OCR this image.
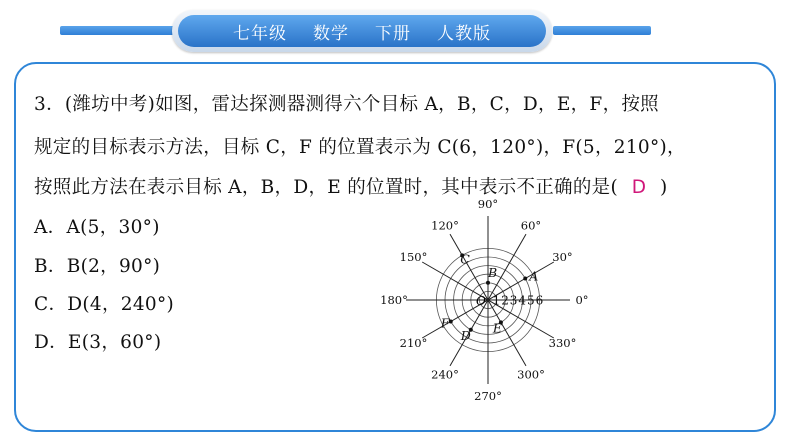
七年级 数学 下册 人教版
3．(潍坊中考)如图，雷达探测器测得六个目标 A，B，C，D，E，F，按照
规定的目标表示方法，目标 C，F 的位置表示为 C(6，120°)，F(5，210°)，
按照此方法在表示目标 A，B，D，E 的位置时，其中表示不正确的是( D )
A．A(5，30°)
B．B(2，90°)
C．D(4，240°)
D．E(3，60°)
0°
30°
60°
90°
120°
150°
180°
210°
240°
270°
300°
330°
1 2 3 4 5 6
A
B
C
D E
F
O
